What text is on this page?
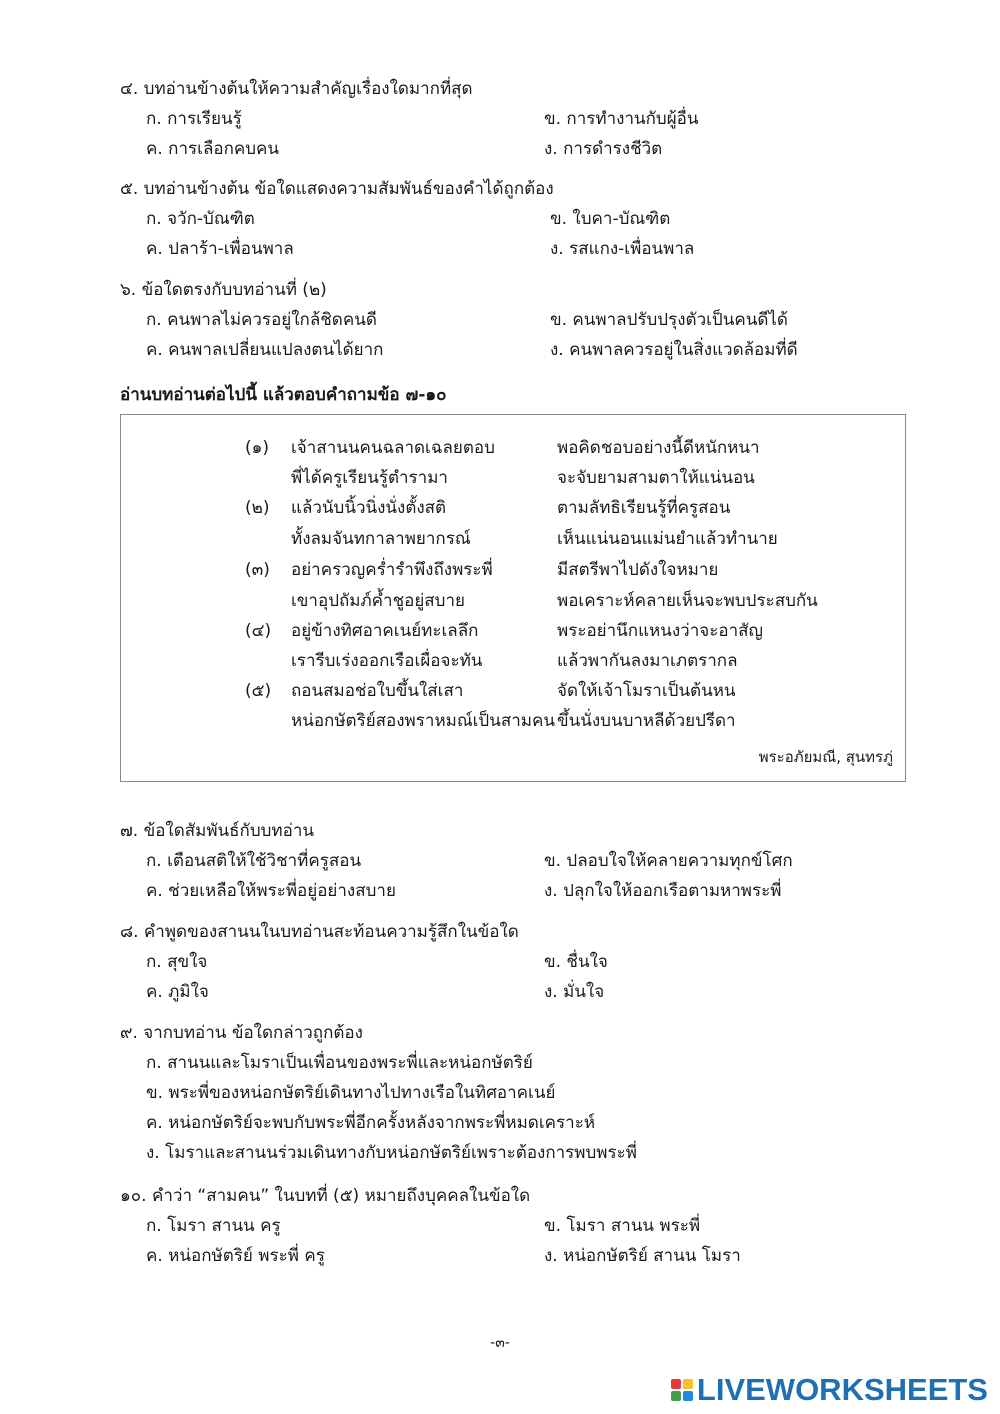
๔. บทอ่านข้างต้นให้ความสำคัญเรื่องใดมากที่สุด
ก. การเรียนรู้	ข. การทำงานกับผู้อื่น
ค. การเลือกคบคน	ง. การดำรงชีวิต
๕. บทอ่านข้างต้น ข้อใดแสดงความสัมพันธ์ของคำได้ถูกต้อง
ก. จวัก-บัณฑิต	ข. ใบคา-บัณฑิต
ค. ปลาร้า-เพื่อนพาล	ง. รสแกง-เพื่อนพาล
๖. ข้อใดตรงกับบทอ่านที่ (๒)
ก. คนพาลไม่ควรอยู่ใกล้ชิดคนดี	ข. คนพาลปรับปรุงตัวเป็นคนดีได้
ค. คนพาลเปลี่ยนแปลงตนได้ยาก	ง. คนพาลควรอยู่ในสิ่งแวดล้อมที่ดี
อ่านบทอ่านต่อไปนี้ แล้วตอบคำถามข้อ ๗-๑๐
(๑) เจ้าสานนคนฉลาดเฉลยตอบ	พอคิดชอบอย่างนี้ดีหนักหนา
พี่ได้ครูเรียนรู้ตำรามา	จะจับยามสามตาให้แน่นอน
(๒) แล้วนับนิ้วนิ่งนั่งตั้งสติ	ตามลัทธิเรียนรู้ที่ครูสอน
ทั้งลมจันทกาลาพยากรณ์	เห็นแน่นอนแม่นยำแล้วทำนาย
(๓) อย่าครวญคร่ำรำพึงถึงพระพี่	มีสตรีพาไปดังใจหมาย
เขาอุปถัมภ์ค้ำชูอยู่สบาย	พอเคราะห์คลายเห็นจะพบประสบกัน
(๔) อยู่ข้างทิศอาคเนย์ทะเลลึก	พระอย่านึกแหนงว่าจะอาสัญ
เรารีบเร่งออกเรือเผื่อจะทัน	แล้วพากันลงมาเภตรากล
(๕) ถอนสมอช่อใบขึ้นใส่เสา	จัดให้เจ้าโมราเป็นต้นหน
หน่อกษัตริย์สองพราหมณ์เป็นสามคน ขึ้นนั่งบนบาหลีด้วยปรีดา
พระอภัยมณี, สุนทรภู่
๗. ข้อใดสัมพันธ์กับบทอ่าน
ก. เตือนสติให้ใช้วิชาที่ครูสอน	ข. ปลอบใจให้คลายความทุกข์โศก
ค. ช่วยเหลือให้พระพี่อยู่อย่างสบาย	ง. ปลุกใจให้ออกเรือตามหาพระพี่
๘. คำพูดของสานนในบทอ่านสะท้อนความรู้สึกในข้อใด
ก. สุขใจ	ข. ชื่นใจ
ค. ภูมิใจ	ง. มั่นใจ
๙. จากบทอ่าน ข้อใดกล่าวถูกต้อง
ก. สานนและโมราเป็นเพื่อนของพระพี่และหน่อกษัตริย์
ข. พระพี่ของหน่อกษัตริย์เดินทางไปทางเรือในทิศอาคเนย์
ค. หน่อกษัตริย์จะพบกับพระพี่อีกครั้งหลังจากพระพี่หมดเคราะห์
ง. โมราและสานนร่วมเดินทางกับหน่อกษัตริย์เพราะต้องการพบพระพี่
๑๐. คำว่า “สามคน” ในบทที่ (๕) หมายถึงบุคคลในข้อใด
ก. โมรา สานน ครู	ข. โมรา สานน พระพี่
ค. หน่อกษัตริย์ พระพี่ ครู	ง. หน่อกษัตริย์ สานน โมรา
-๓-
LIVEWORKSHEETS
